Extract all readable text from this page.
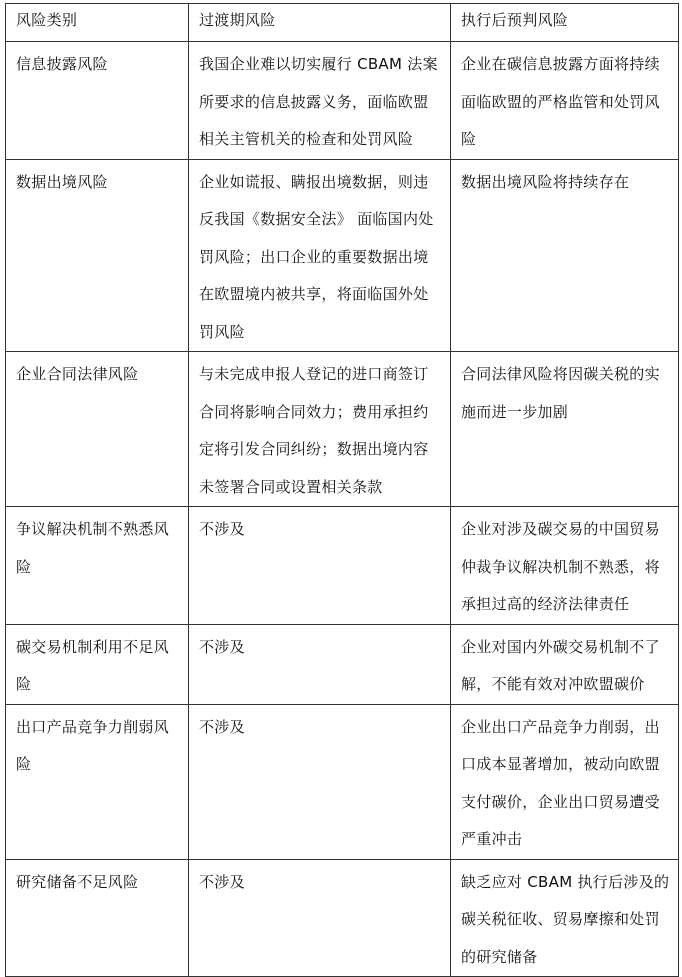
风险类别	过渡期风险	执行后预判风险
信息披露风险	我国企业难以切实履行 CBAM 法案所要求的信息披露义务，面临欧盟相关主管机关的检查和处罚风险	企业在碳信息披露方面将持续面临欧盟的严格监管和处罚风险
数据出境风险	企业如谎报、瞒报出境数据，则违反我国《数据安全法》 面临国内处罚风险；出口企业的重要数据出境在欧盟境内被共享，将面临国外处罚风险	数据出境风险将持续存在
企业合同法律风险	与未完成申报人登记的进口商签订合同将影响合同效力；费用承担约定将引发合同纠纷；数据出境内容未签署合同或设置相关条款	合同法律风险将因碳关税的实施而进一步加剧
争议解决机制不熟悉风险	不涉及	企业对涉及碳交易的中国贸易仲裁争议解决机制不熟悉，将承担过高的经济法律责任
碳交易机制利用不足风险	不涉及	企业对国内外碳交易机制不了解，不能有效对冲欧盟碳价
出口产品竞争力削弱风险	不涉及	企业出口产品竞争力削弱，出口成本显著增加，被动向欧盟支付碳价，企业出口贸易遭受严重冲击
研究储备不足风险	不涉及	缺乏应对 CBAM 执行后涉及的碳关税征收、贸易摩擦和处罚的研究储备
